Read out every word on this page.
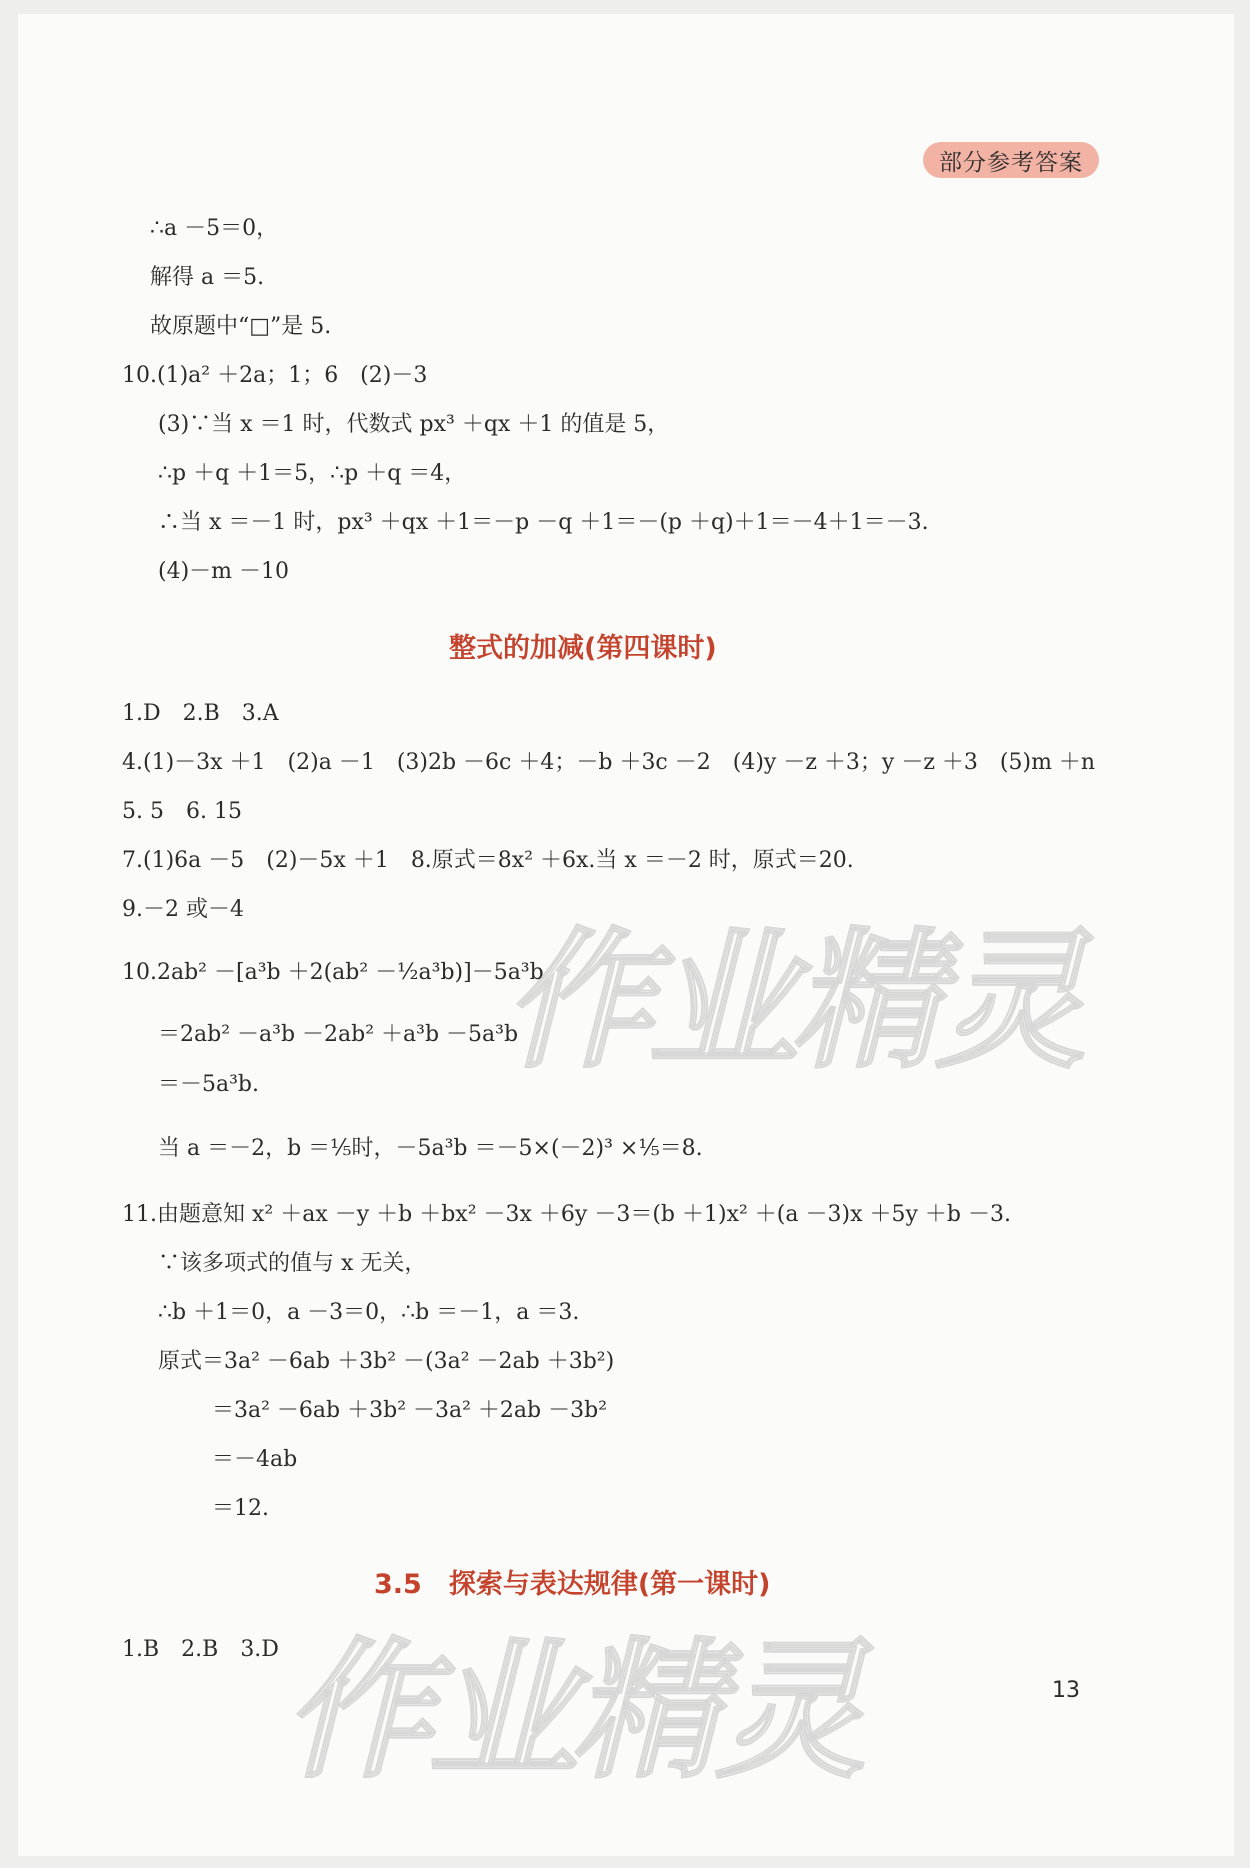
部分参考答案
∴a －5＝0，
解得 a ＝5.
故原题中“□”是 5.
10.(1)a² ＋2a；1；6　(2)－3
(3)∵当 x ＝1 时，代数式 px³ ＋qx ＋1 的值是 5，
∴p ＋q ＋1＝5，∴p ＋q ＝4，
∴当 x ＝－1 时，px³ ＋qx ＋1＝－p －q ＋1＝－(p ＋q)＋1＝－4＋1＝－3.
(4)－m －10
整式的加减(第四课时)
1.D　2.B　3.A
4.(1)－3x ＋1　(2)a －1　(3)2b －6c ＋4；－b ＋3c －2　(4)y －z ＋3；y －z ＋3　(5)m ＋n
5. 5　6. 15
7.(1)6a －5　(2)－5x ＋1　8.原式＝8x² ＋6x.当 x ＝－2 时，原式＝20.
9.－2 或－4
10.2ab² －[a³b ＋2(ab² －½a³b)]－5a³b
＝2ab² －a³b －2ab² ＋a³b －5a³b
＝－5a³b.
当 a ＝－2，b ＝⅕时，－5a³b ＝－5×(－2)³ ×⅕＝8.
11.由题意知 x² ＋ax －y ＋b ＋bx² －3x ＋6y －3＝(b ＋1)x² ＋(a －3)x ＋5y ＋b －3.
∵该多项式的值与 x 无关，
∴b ＋1＝0，a －3＝0，∴b ＝－1，a ＝3.
原式＝3a² －6ab ＋3b² －(3a² －2ab ＋3b²)
＝3a² －6ab ＋3b² －3a² ＋2ab －3b²
＝－4ab
＝12.
3.5　探索与表达规律(第一课时)
1.B　2.B　3.D
作业精灵
作业精灵	13
